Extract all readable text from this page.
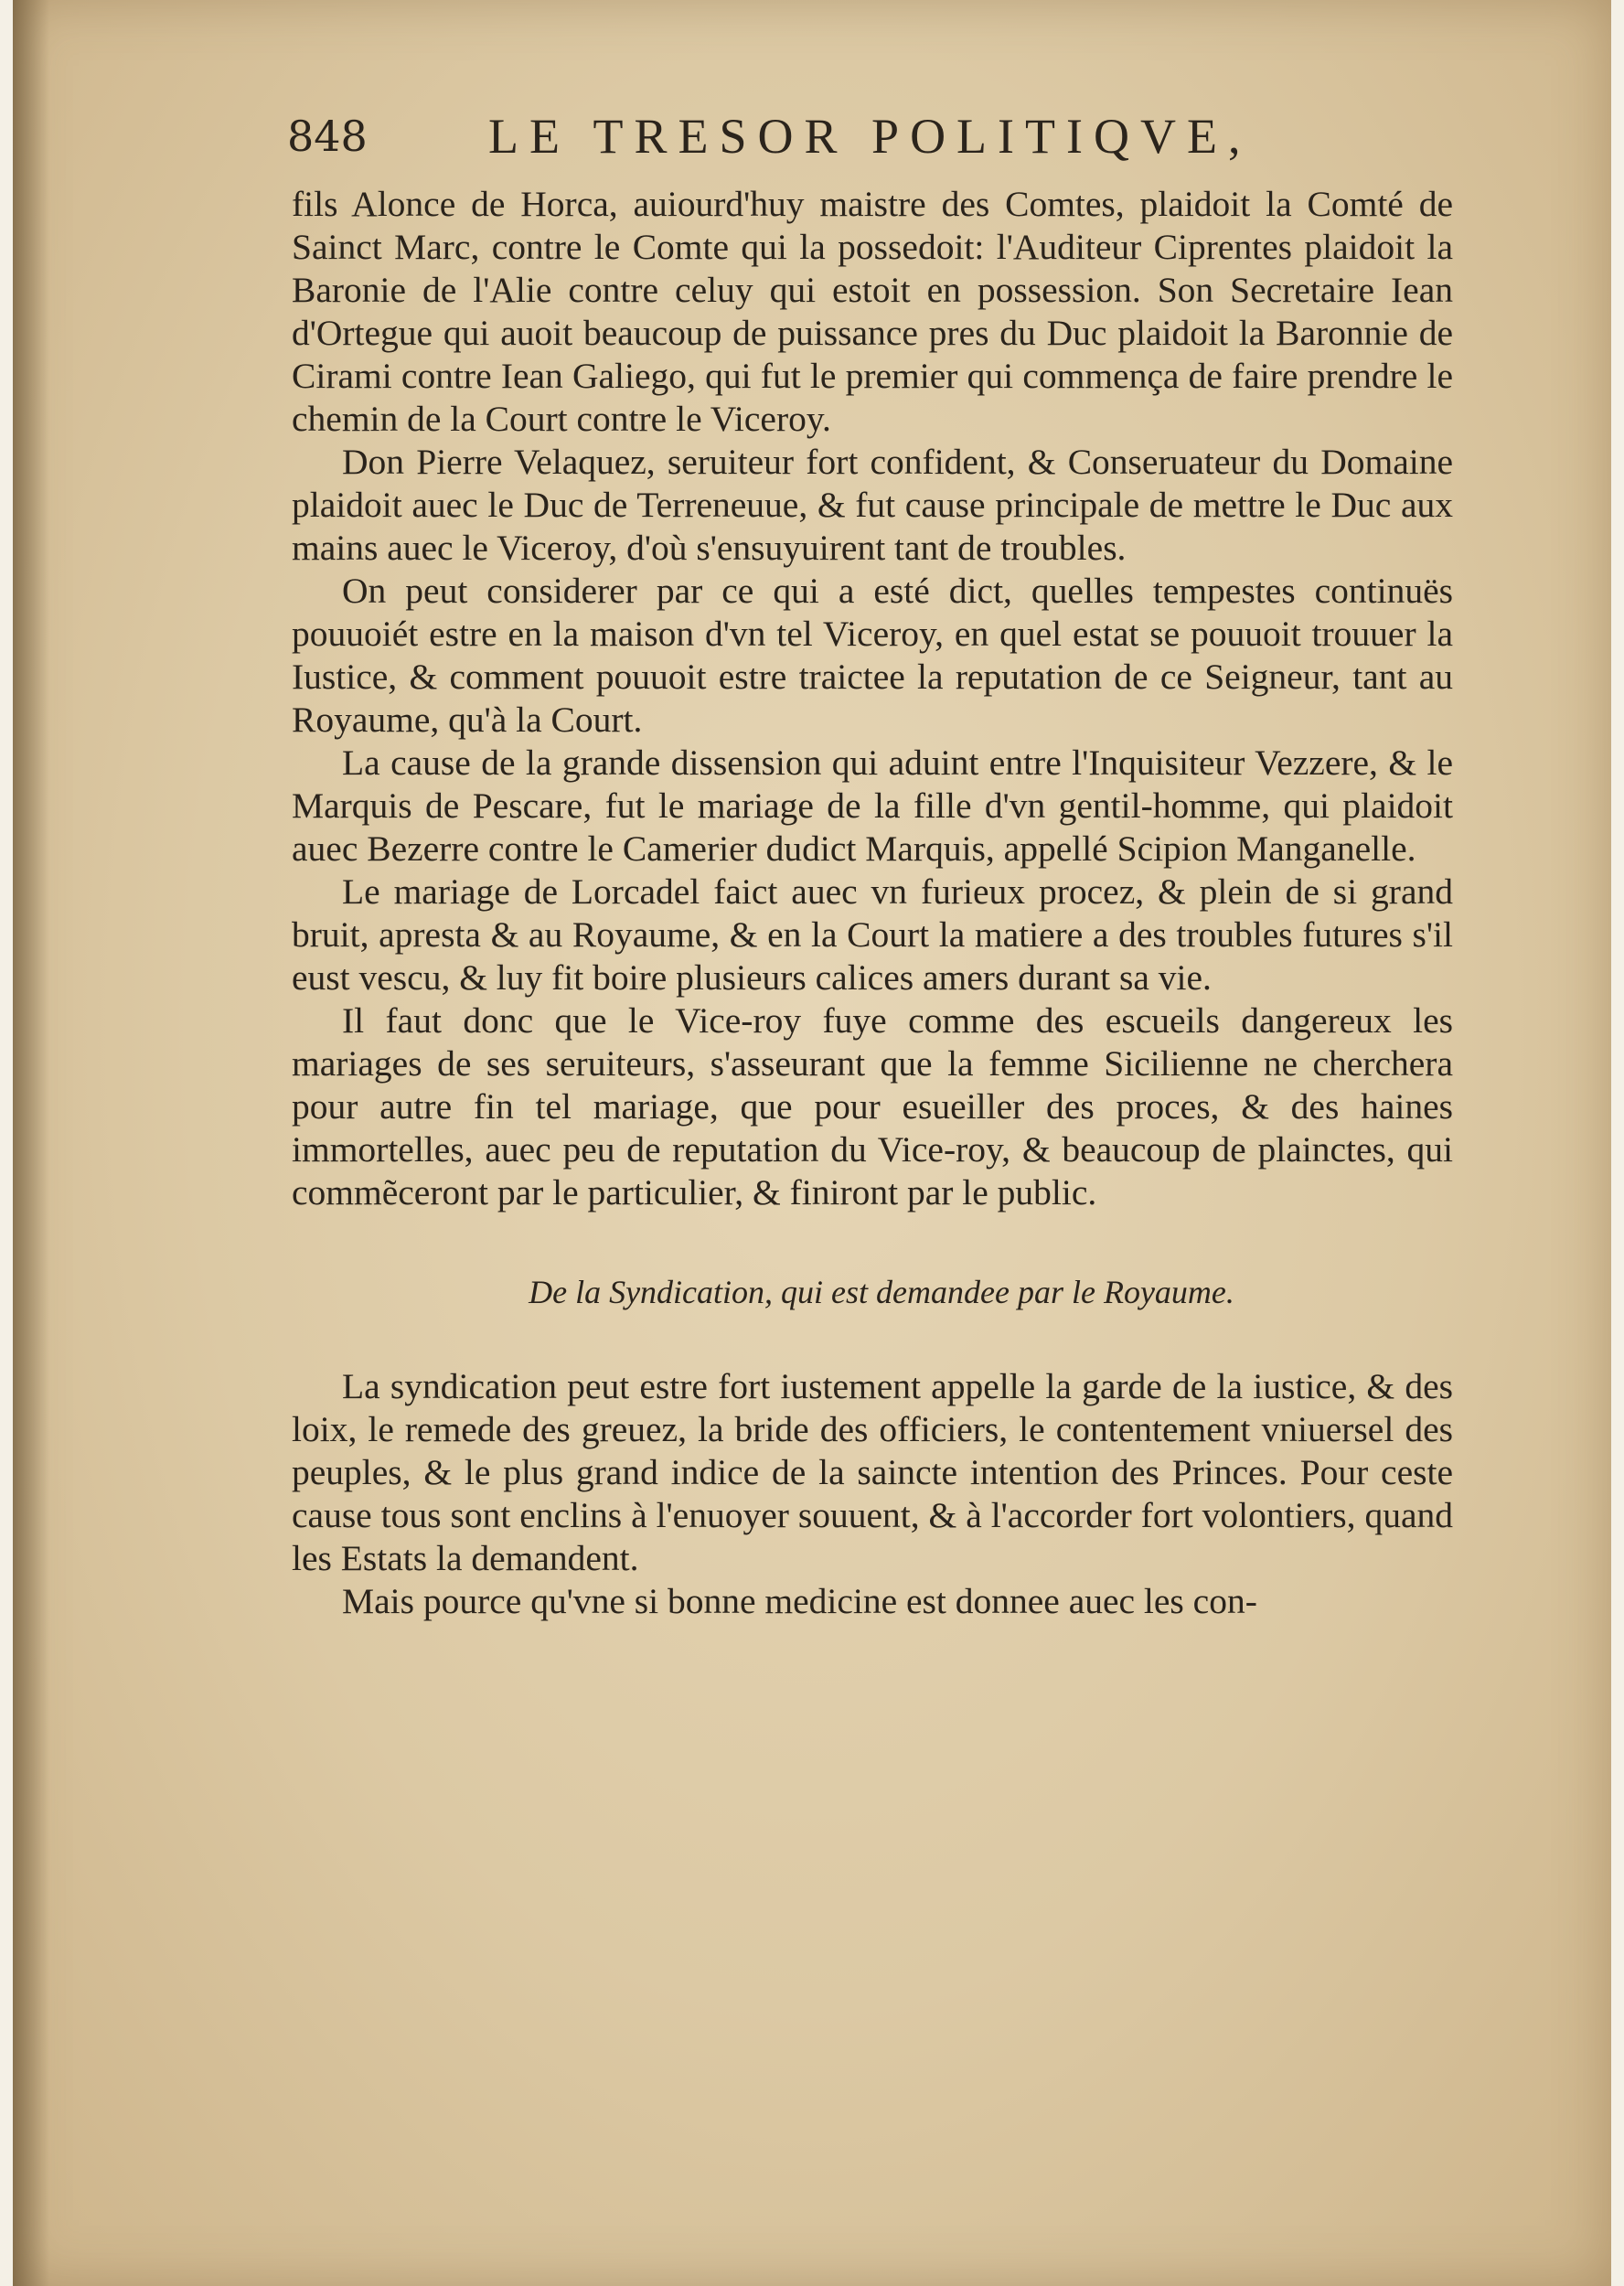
848 LE TRESOR POLITIQVE,

fils Alonce de Horca, auiourd'huy maistre des Comtes, plaidoit la Comté de Sainct Marc, contre le Comte qui la possedoit: l'Auditeur Ciprentes plaidoit la Baronie de l'Alie contre celuy qui estoit en possession. Son Secretaire Iean d'Ortegue qui auoit beaucoup de puissance pres du Duc plaidoit la Baronnie de Cirami contre Iean Galiego, qui fut le premier qui commença de faire prendre le chemin de la Court contre le Viceroy.

Don Pierre Velaquez, seruiteur fort confident, & Conseruateur du Domaine plaidoit auec le Duc de Terreneuue, & fut cause principale de mettre le Duc aux mains auec le Viceroy, d'où s'ensuyuirent tant de troubles.

On peut considerer par ce qui a esté dict, quelles tempestes continuës pouuoiét estre en la maison d'vn tel Viceroy, en quel estat se pouuoit trouuer la Iustice, & comment pouuoit estre traictee la reputation de ce Seigneur, tant au Royaume, qu'à la Court.

La cause de la grande dissension qui aduint entre l'Inquisiteur Vezzere, & le Marquis de Pescare, fut le mariage de la fille d'vn gentil-homme, qui plaidoit auec Bezerre contre le Camerier dudict Marquis, appellé Scipion Manganelle.

Le mariage de Lorcadel faict auec vn furieux procez, & plein de si grand bruit, apresta & au Royaume, & en la Court la matiere a des troubles futures s'il eust vescu, & luy fit boire plusieurs calices amers durant sa vie.

Il faut donc que le Vice-roy fuye comme des escueils dangereux les mariages de ses seruiteurs, s'asseurant que la femme Sicilienne ne cherchera pour autre fin tel mariage, que pour esueiller des proces, & des haines immortelles, auec peu de reputation du Vice-roy, & beaucoup de plainctes, qui commẽceront par le particulier, & finiront par le public.

De la Syndication, qui est demandee par le Royaume.

La syndication peut estre fort iustement appelle la garde de la iustice, & des loix, le remede des greuez, la bride des officiers, le contentement vniuersel des peuples, & le plus grand indice de la saincte intention des Princes. Pour ceste cause tous sont enclins à l'enuoyer souuent, & à l'accorder fort volontiers, quand les Estats la demandent.

Mais pource qu'vne si bonne medicine est donnee auec les con-
